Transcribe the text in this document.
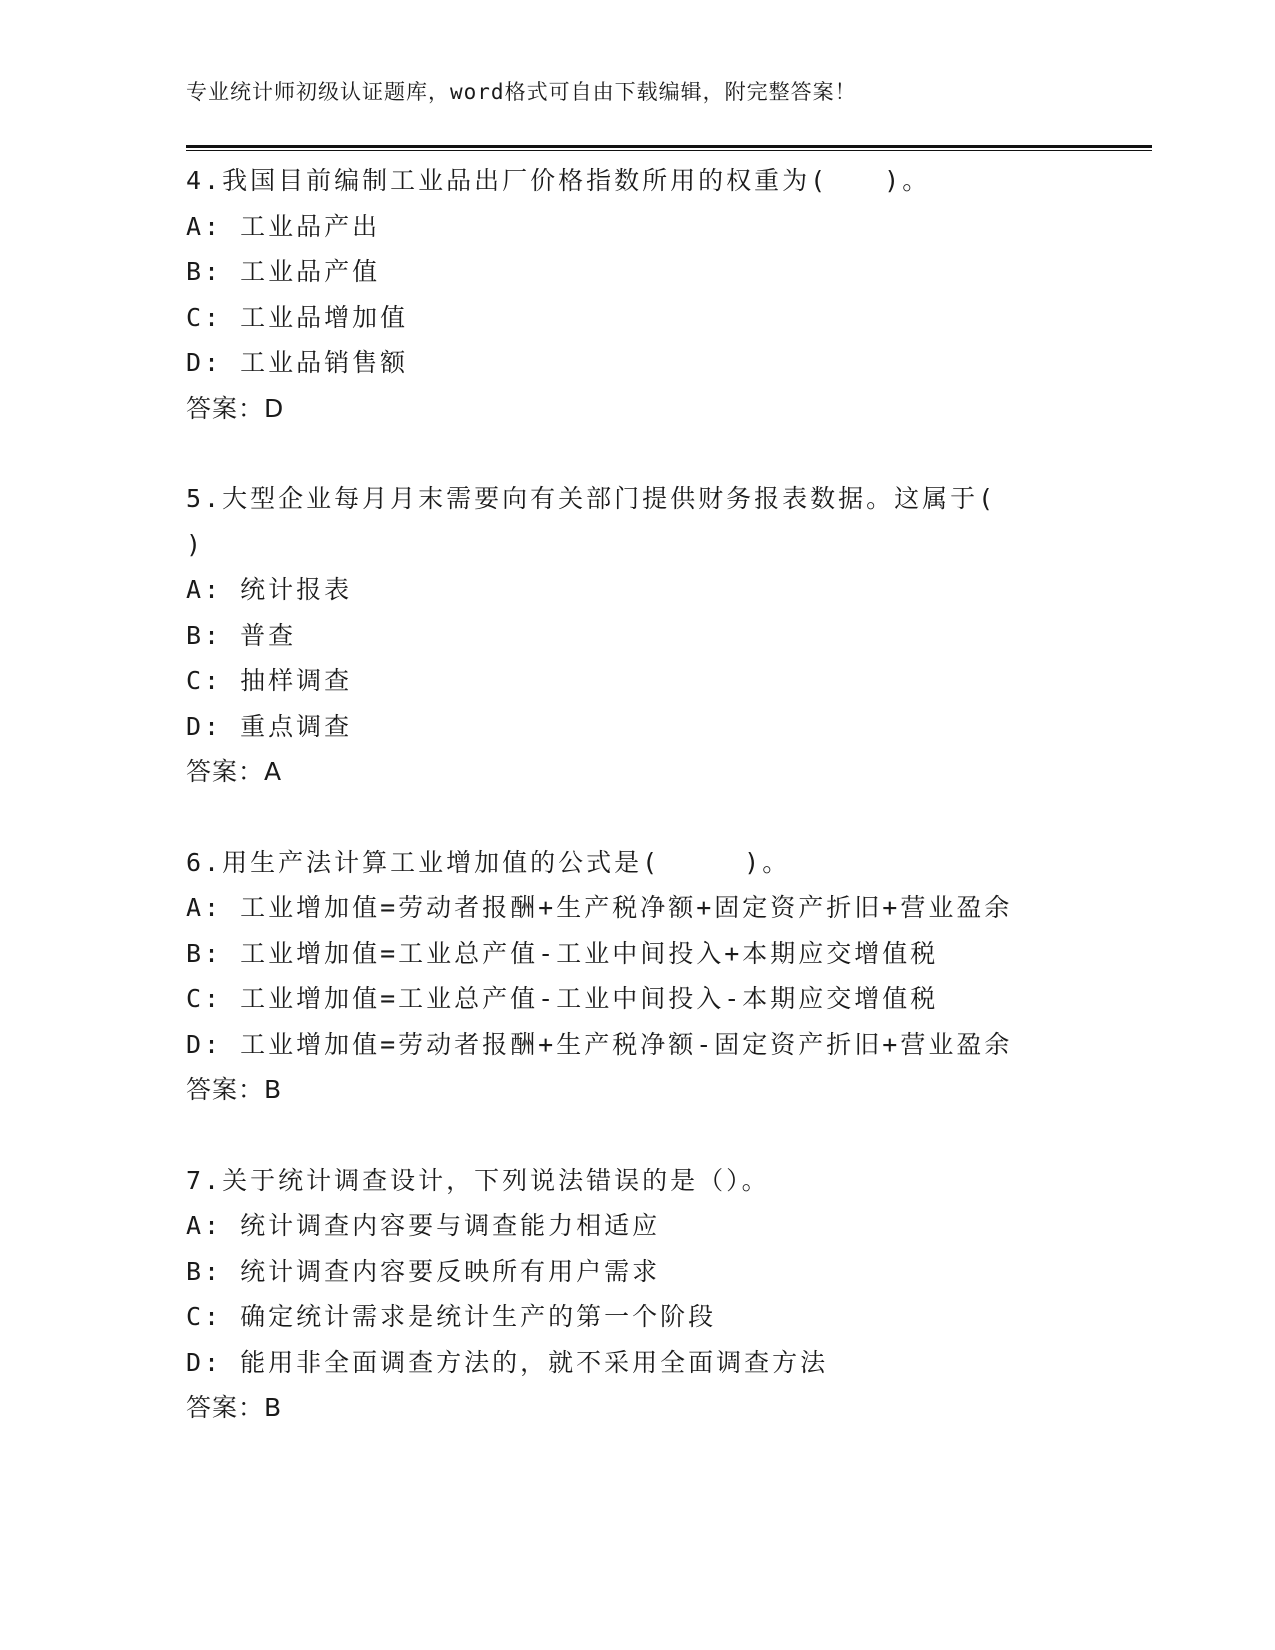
专业统计师初级认证题库，word格式可自由下载编辑，附完整答案！
4.我国目前编制工业品出厂价格指数所用的权重为(　　)。
A: 工业品产出
B: 工业品产值
C: 工业品增加值
D: 工业品销售额
答案：D
5.大型企业每月月末需要向有关部门提供财务报表数据。这属于( )
A: 统计报表
B: 普查
C: 抽样调查
D: 重点调查
答案：A
6.用生产法计算工业增加值的公式是(　　　)。
A: 工业增加值=劳动者报酬+生产税净额+固定资产折旧+营业盈余
B: 工业增加值=工业总产值-工业中间投入+本期应交增值税
C: 工业增加值=工业总产值-工业中间投入-本期应交增值税
D: 工业增加值=劳动者报酬+生产税净额-固定资产折旧+营业盈余
答案：B
7.关于统计调查设计，下列说法错误的是（）。
A: 统计调查内容要与调查能力相适应
B: 统计调查内容要反映所有用户需求
C: 确定统计需求是统计生产的第一个阶段
D: 能用非全面调查方法的，就不采用全面调查方法
答案：B
